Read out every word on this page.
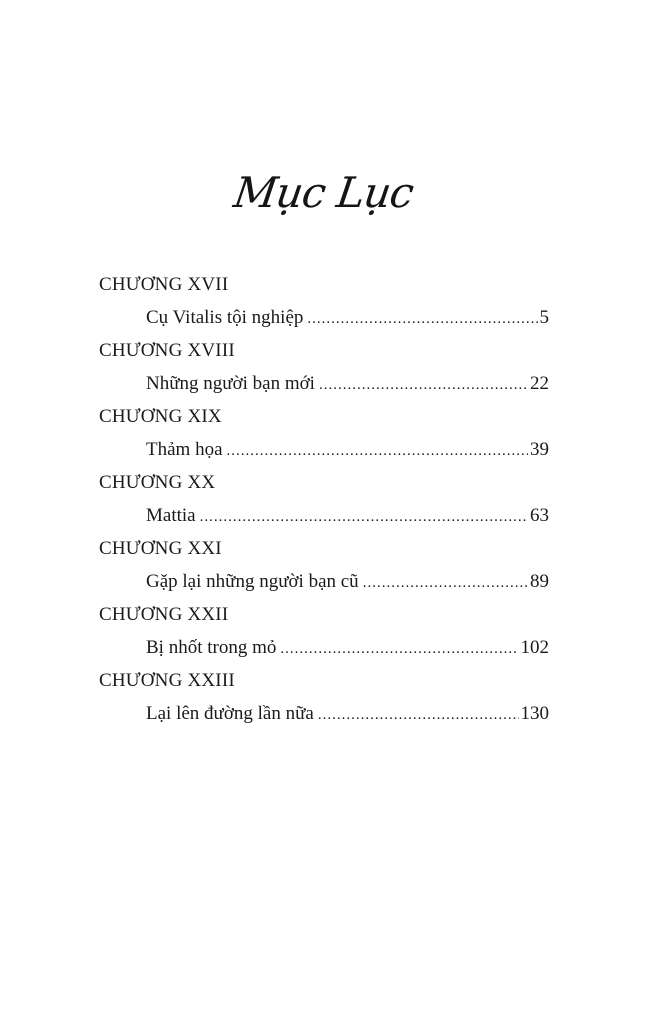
Mục Lục
CHƯƠNG XVII
Cụ Vitalis tội nghiệp .....	5
CHƯƠNG XVIII
Những người bạn mới .....	22
CHƯƠNG XIX
Thảm họa .....	39
CHƯƠNG XX
Mattia .....	63
CHƯƠNG XXI
Gặp lại những người bạn cũ .....	89
CHƯƠNG XXII
Bị nhốt trong mỏ .....	102
CHƯƠNG XXIII
Lại lên đường lần nữa .....	130
